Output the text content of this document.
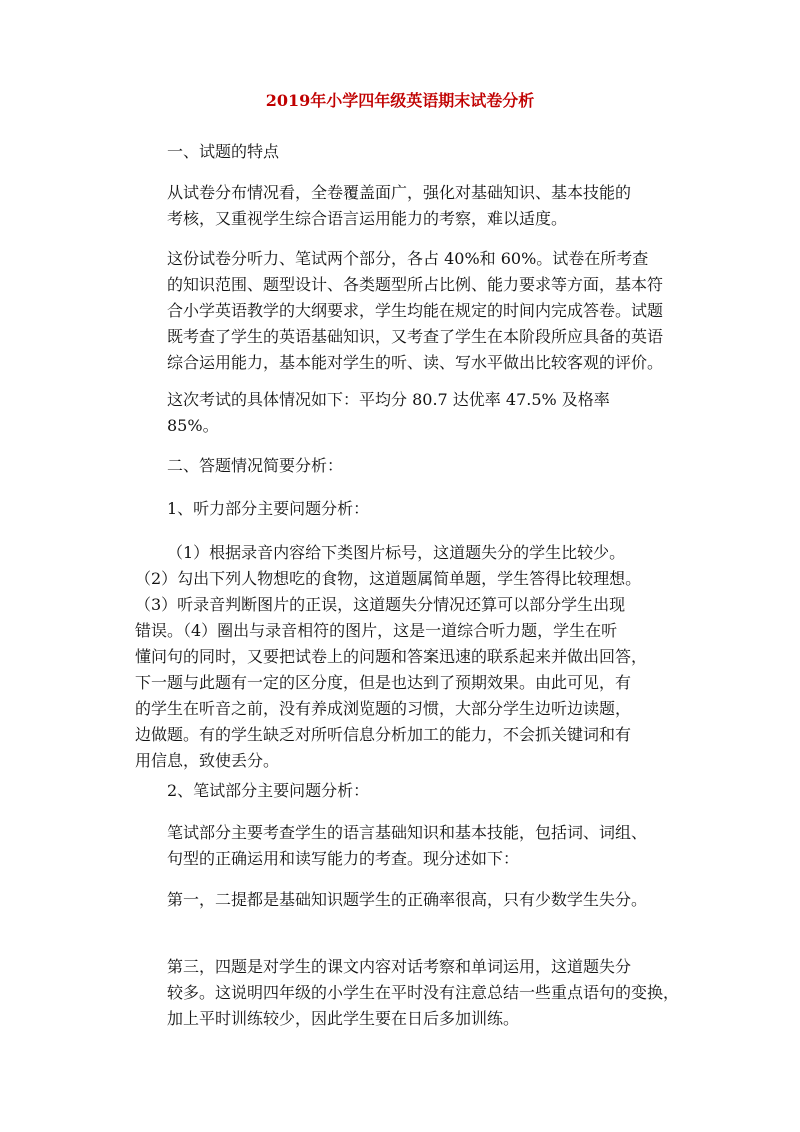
2019年小学四年级英语期末试卷分析

一、试题的特点

从试卷分布情况看，全卷覆盖面广，强化对基础知识、基本技能的
考核，又重视学生综合语言运用能力的考察，难以适度。

这份试卷分听力、笔试两个部分，各占 40%和 60%。试卷在所考查
的知识范围、题型设计、各类题型所占比例、能力要求等方面，基本符
合小学英语教学的大纲要求，学生均能在规定的时间内完成答卷。试题
既考查了学生的英语基础知识，又考查了学生在本阶段所应具备的英语
综合运用能力，基本能对学生的听、读、写水平做出比较客观的评价。

这次考试的具体情况如下：平均分 80.7 达优率 47.5% 及格率
85%。

二、答题情况简要分析：

1、听力部分主要问题分析：

（1）根据录音内容给下类图片标号，这道题失分的学生比较少。
（2）勾出下列人物想吃的食物，这道题属简单题，学生答得比较理想。
（3）听录音判断图片的正误，这道题失分情况还算可以部分学生出现
错误。（4）圈出与录音相符的图片，这是一道综合听力题，学生在听
懂问句的同时，又要把试卷上的问题和答案迅速的联系起来并做出回答，
下一题与此题有一定的区分度，但是也达到了预期效果。由此可见，有
的学生在听音之前，没有养成浏览题的习惯，大部分学生边听边读题，
边做题。有的学生缺乏对所听信息分析加工的能力，不会抓关键词和有
用信息，致使丢分。

2、笔试部分主要问题分析：

笔试部分主要考查学生的语言基础知识和基本技能，包括词、词组、
句型的正确运用和读写能力的考查。现分述如下：

第一，二提都是基础知识题学生的正确率很高，只有少数学生失分。

第三，四题是对学生的课文内容对话考察和单词运用，这道题失分
较多。这说明四年级的小学生在平时没有注意总结一些重点语句的变换，
加上平时训练较少，因此学生要在日后多加训练。
